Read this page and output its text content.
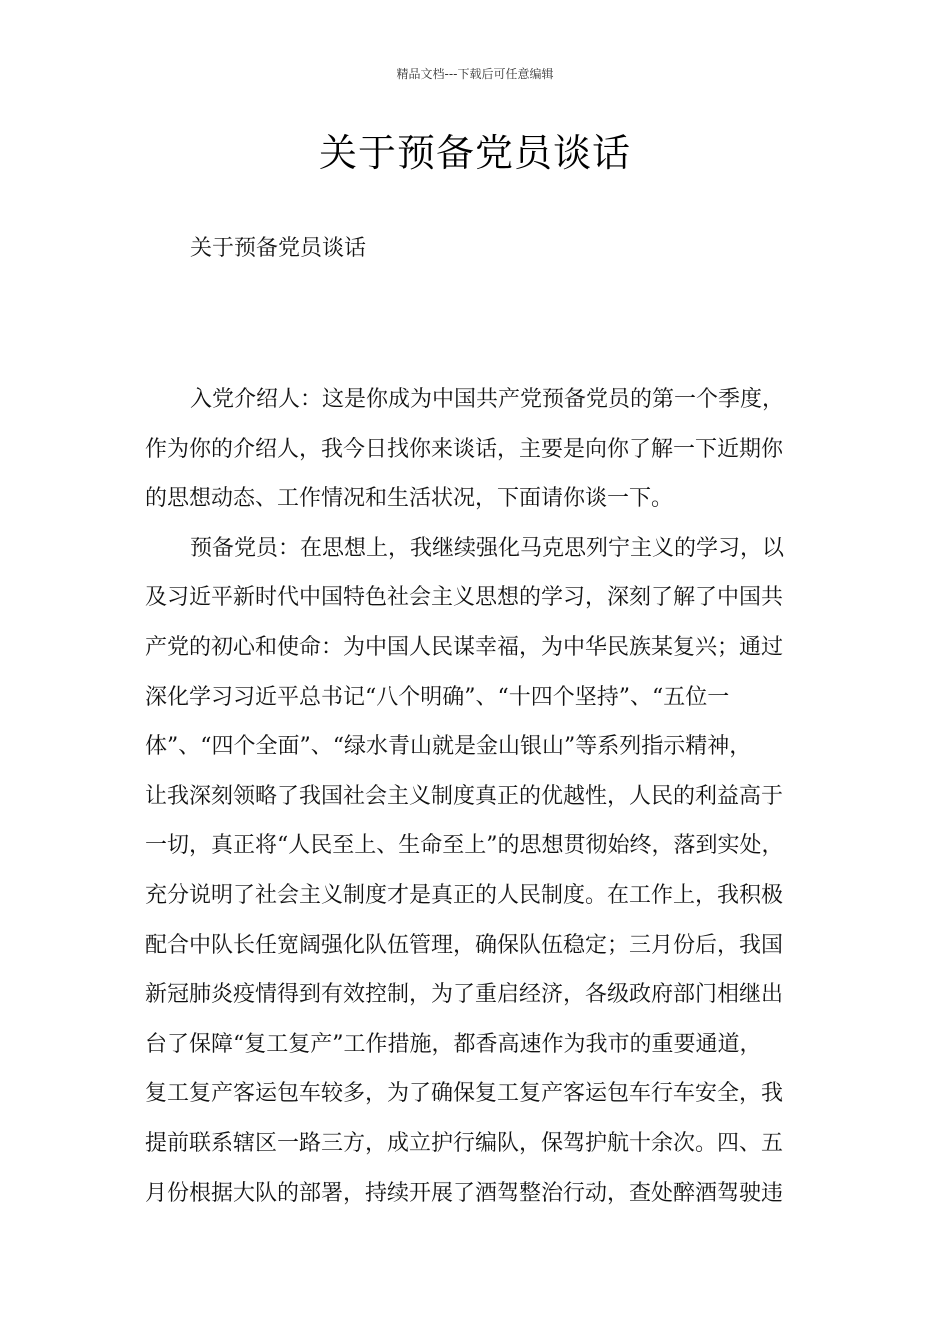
精品文档---下载后可任意编辑
关于预备党员谈话
关于预备党员谈话
入党介绍人：这是你成为中国共产党预备党员的第一个季度，
作为你的介绍人，我今日找你来谈话，主要是向你了解一下近期你
的思想动态、工作情况和生活状况，下面请你谈一下。
预备党员：在思想上，我继续强化马克思列宁主义的学习，以
及习近平新时代中国特色社会主义思想的学习，深刻了解了中国共
产党的初心和使命：为中国人民谋幸福，为中华民族某复兴；通过
深化学习习近平总书记“八个明确”、“十四个坚持”、“五位一
体”、“四个全面”、“绿水青山就是金山银山”等系列指示精神，
让我深刻领略了我国社会主义制度真正的优越性，人民的利益高于
一切，真正将“人民至上、生命至上”的思想贯彻始终，落到实处，
充分说明了社会主义制度才是真正的人民制度。在工作上，我积极
配合中队长任宽阔强化队伍管理，确保队伍稳定；三月份后，我国
新冠肺炎疫情得到有效控制，为了重启经济，各级政府部门相继出
台了保障“复工复产”工作措施，都香高速作为我市的重要通道，
复工复产客运包车较多，为了确保复工复产客运包车行车安全，我
提前联系辖区一路三方，成立护行编队，保驾护航十余次。四、五
月份根据大队的部署，持续开展了酒驾整治行动，查处醉酒驾驶违
